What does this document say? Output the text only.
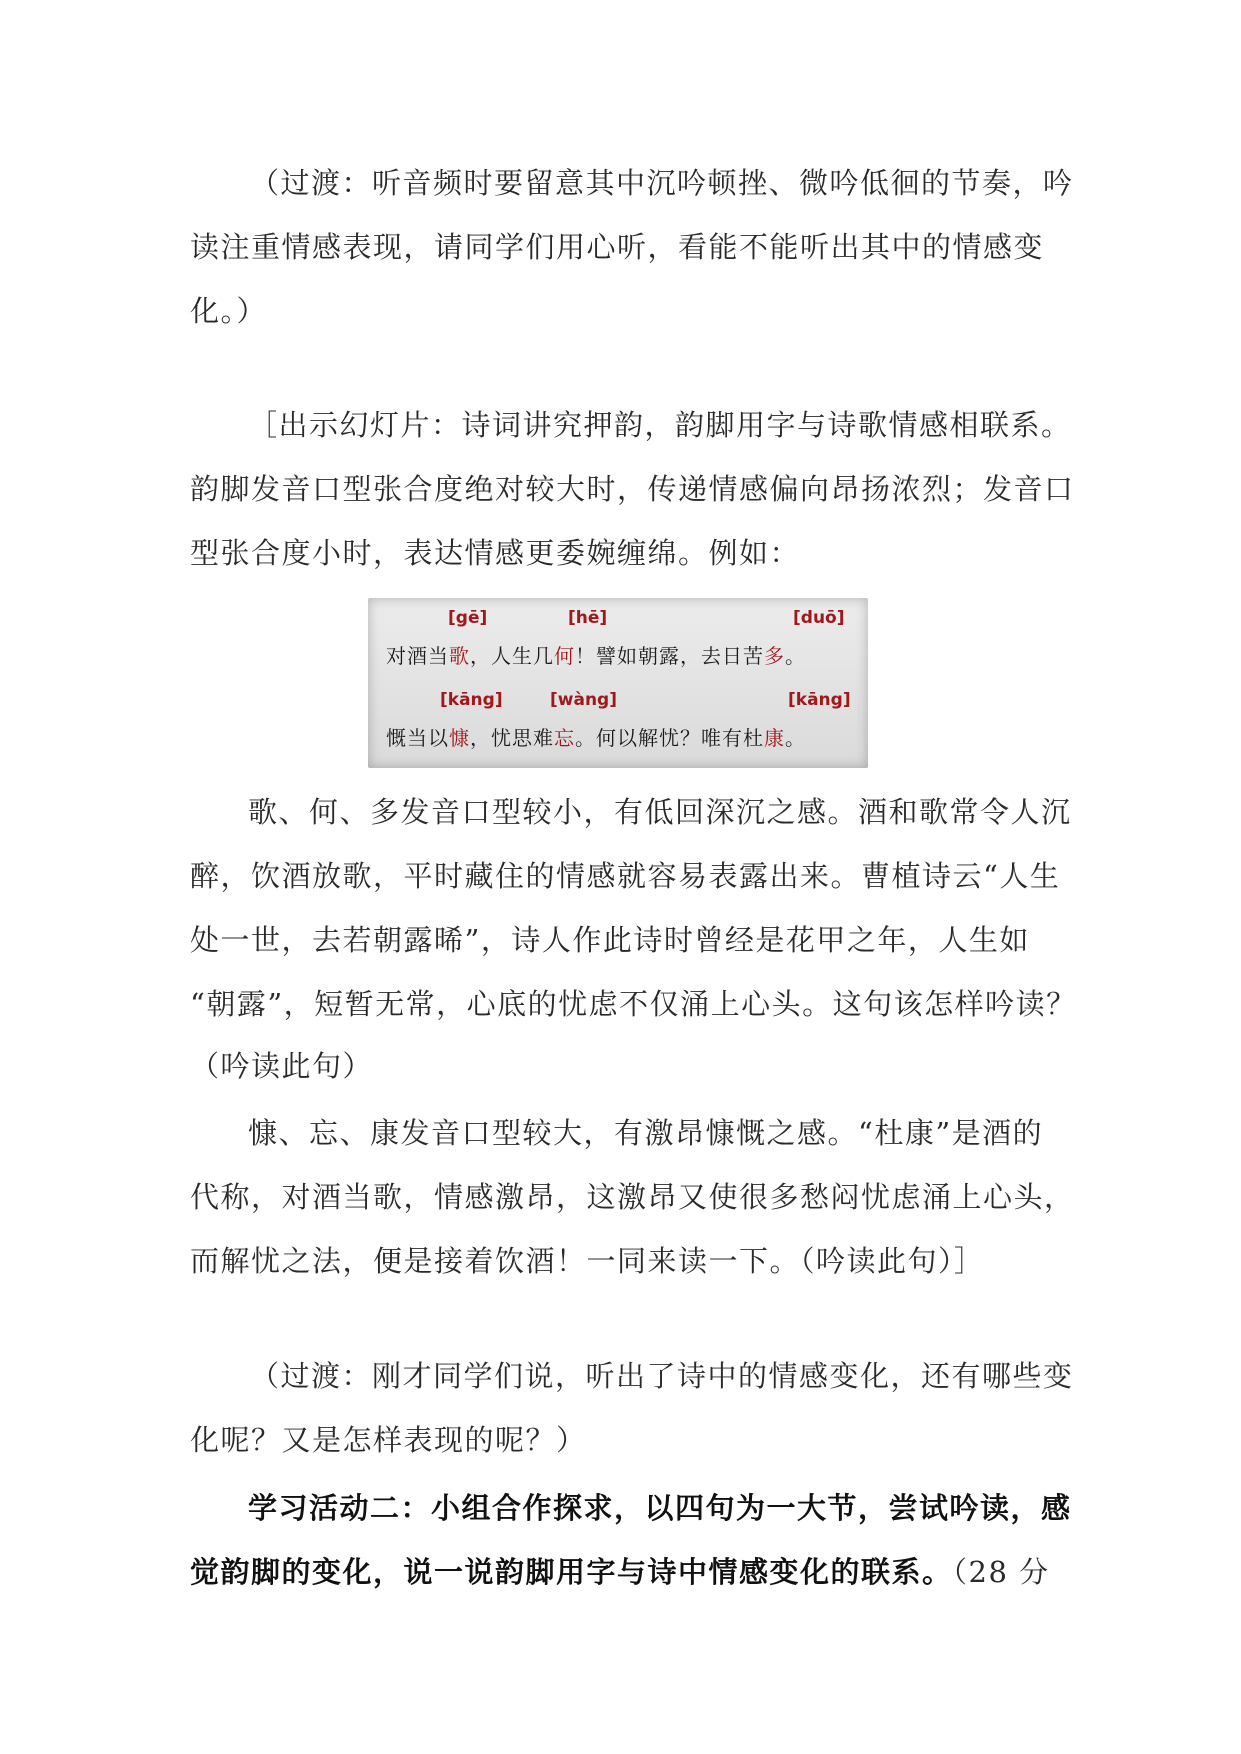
（过渡：听音频时要留意其中沉吟顿挫、微吟低徊的节奏，吟
读注重情感表现，请同学们用心听，看能不能听出其中的情感变
化。）
［出示幻灯片：诗词讲究押韵，韵脚用字与诗歌情感相联系。
韵脚发音口型张合度绝对较大时，传递情感偏向昂扬浓烈；发音口
型张合度小时，表达情感更委婉缠绵。例如：
[gē]	[hē]	[duō]
对酒当歌，人生几何！譬如朝露，去日苦多。
[kāng]	[wàng]	[kāng]
慨当以慷，忧思难忘。何以解忧？唯有杜康。
歌、何、多发音口型较小，有低回深沉之感。酒和歌常令人沉
醉，饮酒放歌，平时藏住的情感就容易表露出来。曹植诗云“人生
处一世，去若朝露晞”，诗人作此诗时曾经是花甲之年，人生如
“朝露”，短暂无常，心底的忧虑不仅涌上心头。这句该怎样吟读？
（吟读此句）
慷、忘、康发音口型较大，有激昂慷慨之感。“杜康”是酒的
代称，对酒当歌，情感激昂，这激昂又使很多愁闷忧虑涌上心头，
而解忧之法，便是接着饮酒！一同来读一下。（吟读此句）］
（过渡：刚才同学们说，听出了诗中的情感变化，还有哪些变
化呢？又是怎样表现的呢？）
学习活动二：小组合作探求，以四句为一大节，尝试吟读，感
觉韵脚的变化，说一说韵脚用字与诗中情感变化的联系。（28 分
